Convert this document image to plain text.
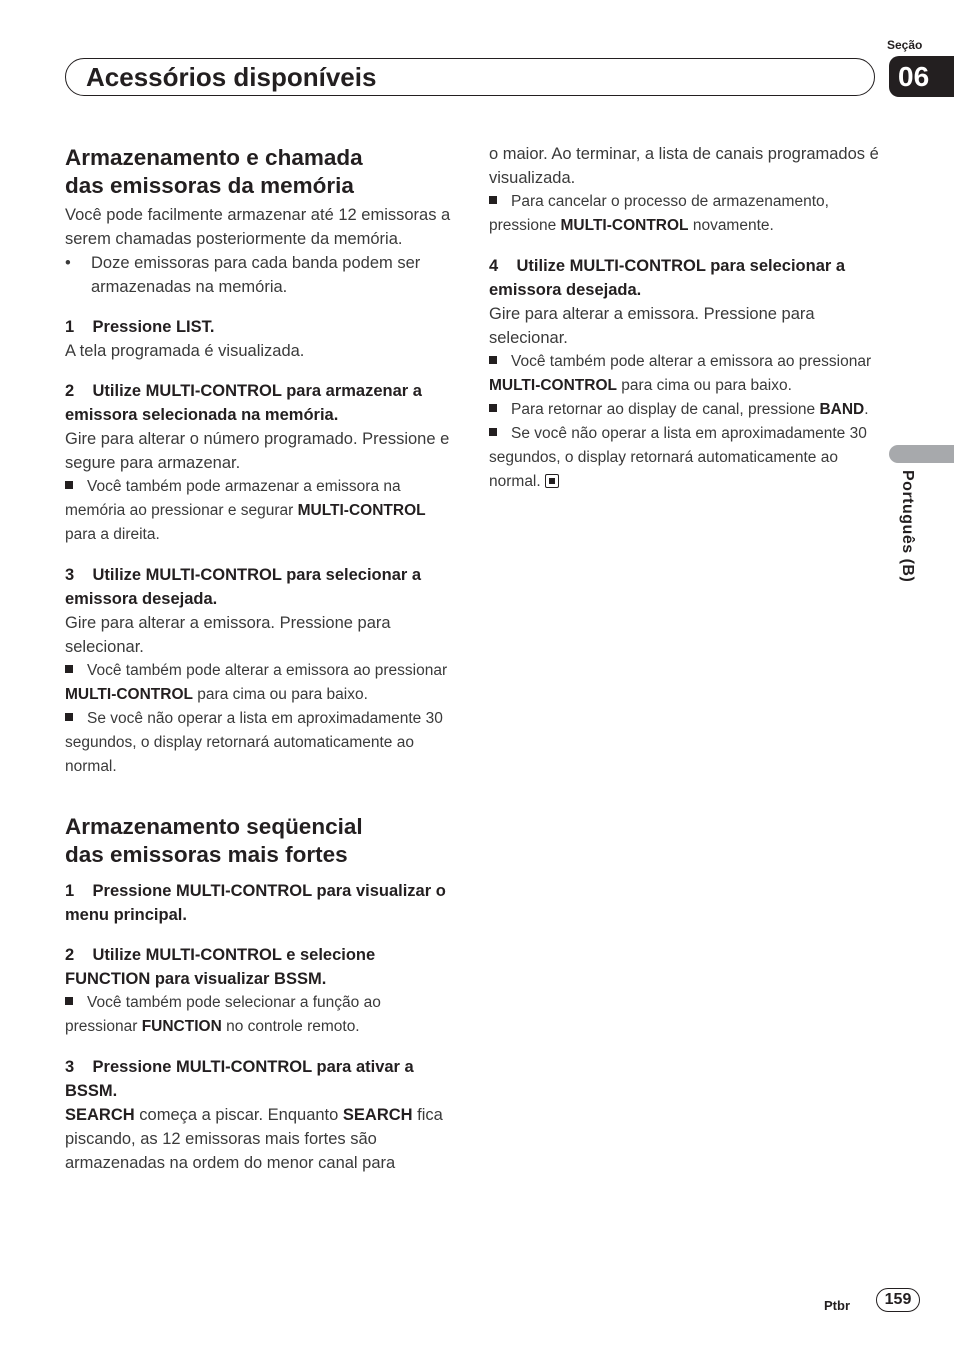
Seção
06
Acessórios disponíveis
Armazenamento e chamada
das emissoras da memória

Você pode facilmente armazenar até 12 emissoras a serem chamadas posteriormente da memória.

• Doze emissoras para cada banda podem ser armazenadas na memória.

1    Pressione LIST.

A tela programada é visualizada.

2    Utilize MULTI-CONTROL para armazenar a emissora selecionada na memória.

Gire para alterar o número programado. Pressione e segure para armazenar.

Você também pode armazenar a emissora na memória ao pressionar e segurar MULTI-CONTROL para a direita.

3    Utilize MULTI-CONTROL para selecionar a emissora desejada.

Gire para alterar a emissora. Pressione para selecionar.

Você também pode alterar a emissora ao pressionar MULTI-CONTROL para cima ou para baixo.

Se você não operar a lista em aproximadamente 30 segundos, o display retornará automaticamente ao normal.

Armazenamento seqüencial
das emissoras mais fortes

1    Pressione MULTI-CONTROL para visualizar o menu principal.

2    Utilize MULTI-CONTROL e selecione FUNCTION para visualizar BSSM.

Você também pode selecionar a função ao pressionar FUNCTION no controle remoto.

3    Pressione MULTI-CONTROL para ativar a BSSM.

SEARCH começa a piscar. Enquanto SEARCH fica piscando, as 12 emissoras mais fortes são armazenadas na ordem do menor canal para

o maior. Ao terminar, a lista de canais programados é visualizada.

Para cancelar o processo de armazenamento, pressione MULTI-CONTROL novamente.

4    Utilize MULTI-CONTROL para selecionar a emissora desejada.

Gire para alterar a emissora. Pressione para selecionar.

Você também pode alterar a emissora ao pressionar MULTI-CONTROL para cima ou para baixo.

Para retornar ao display de canal, pressione BAND.

Se você não operar a lista em aproximadamente 30 segundos, o display retornará automaticamente ao normal.	Português (B)
Ptbr	159
